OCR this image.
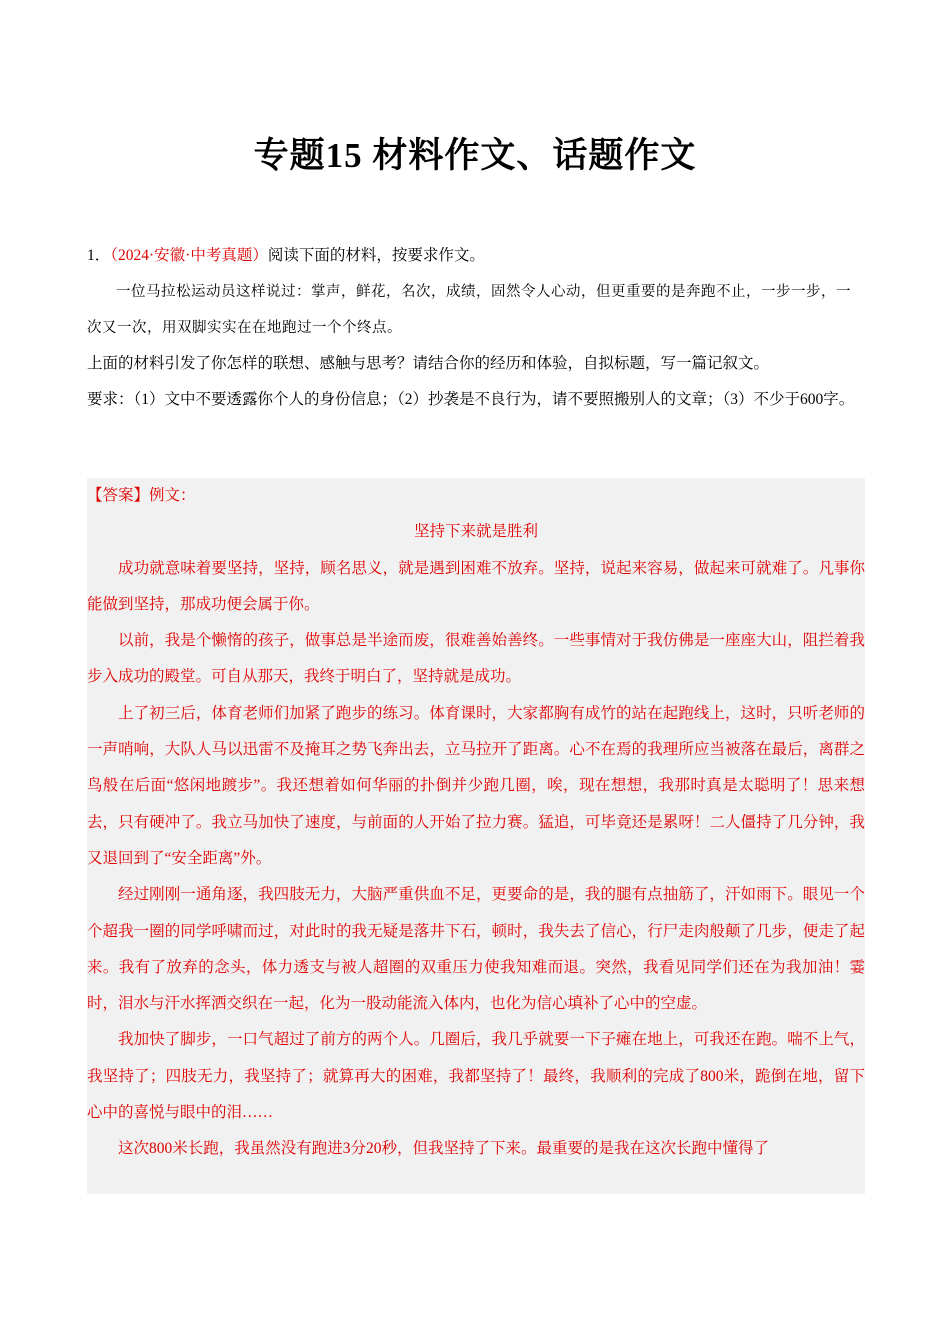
专题15 材料作文、话题作文

1．（2024·安徽·中考真题）阅读下面的材料，按要求作文。

一位马拉松运动员这样说过：掌声，鲜花，名次，成绩，固然令人心动，但更重要的是奔跑不止，一步一步，一次又一次，用双脚实实在在地跑过一个个终点。

上面的材料引发了你怎样的联想、感触与思考？请结合你的经历和体验，自拟标题，写一篇记叙文。

要求：（1）文中不要透露你个人的身份信息；（2）抄袭是不良行为，请不要照搬别人的文章；（3）不少于600字。

【答案】例文：

坚持下来就是胜利

成功就意味着要坚持，坚持，顾名思义，就是遇到困难不放弃。坚持，说起来容易，做起来可就难了。凡事你能做到坚持，那成功便会属于你。

以前，我是个懒惰的孩子，做事总是半途而废，很难善始善终。一些事情对于我仿佛是一座座大山，阻拦着我步入成功的殿堂。可自从那天，我终于明白了，坚持就是成功。

上了初三后，体育老师们加紧了跑步的练习。体育课时，大家都胸有成竹的站在起跑线上，这时，只听老师的一声哨响，大队人马以迅雷不及掩耳之势飞奔出去，立马拉开了距离。心不在焉的我理所应当被落在最后，离群之鸟般在后面“悠闲地踱步”。我还想着如何华丽的扑倒并少跑几圈，唉，现在想想，我那时真是太聪明了！思来想去，只有硬冲了。我立马加快了速度，与前面的人开始了拉力赛。猛追，可毕竟还是累呀！二人僵持了几分钟，我又退回到了“安全距离”外。

经过刚刚一通角逐，我四肢无力，大脑严重供血不足，更要命的是，我的腿有点抽筋了，汗如雨下。眼见一个个超我一圈的同学呼啸而过，对此时的我无疑是落井下石，顿时，我失去了信心，行尸走肉般颠了几步，便走了起来。我有了放弃的念头，体力透支与被人超圈的双重压力使我知难而退。突然，我看见同学们还在为我加油！霎时，泪水与汗水挥洒交织在一起，化为一股动能流入体内，也化为信心填补了心中的空虚。

我加快了脚步，一口气超过了前方的两个人。几圈后，我几乎就要一下子瘫在地上，可我还在跑。喘不上气，我坚持了；四肢无力，我坚持了；就算再大的困难，我都坚持了！最终，我顺利的完成了800米，跪倒在地，留下心中的喜悦与眼中的泪……

这次800米长跑，我虽然没有跑进3分20秒，但我坚持了下来。最重要的是我在这次长跑中懂得了
